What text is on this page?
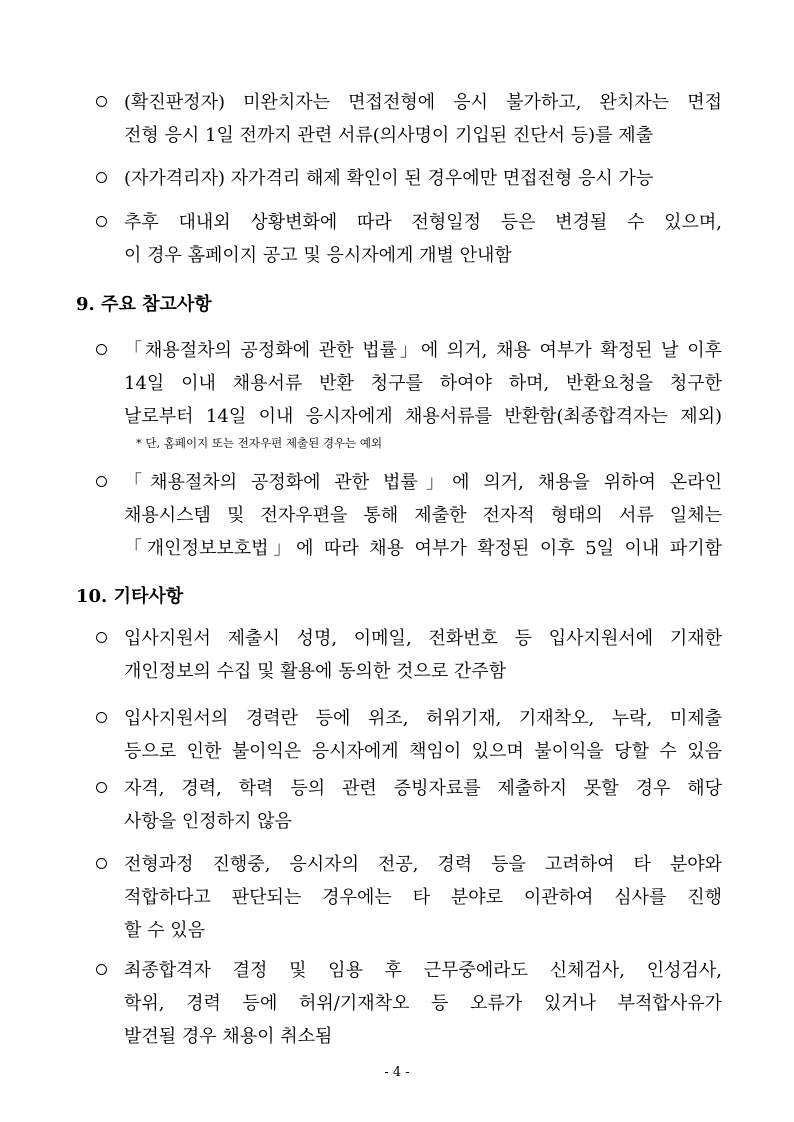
(확진판정자) 미완치자는 면접전형에 응시 불가하고, 완치자는 면접
전형 응시 1일 전까지 관련 서류(의사명이 기입된 진단서 등)를 제출
(자가격리자) 자가격리 해제 확인이 된 경우에만 면접전형 응시 가능
추후 대내외 상황변화에 따라 전형일정 등은 변경될 수 있으며,
이 경우 홈페이지 공고 및 응시자에게 개별 안내함
9. 주요 참고사항
「채용절차의 공정화에 관한 법률」에 의거, 채용 여부가 확정된 날 이후
14일 이내 채용서류 반환 청구를 하여야 하며, 반환요청을 청구한
날로부터 14일 이내 응시자에게 채용서류를 반환함(최종합격자는 제외)
* 단, 홈페이지 또는 전자우편 제출된 경우는 예외
「채용절차의 공정화에 관한 법률」에 의거, 채용을 위하여 온라인
채용시스템 및 전자우편을 통해 제출한 전자적 형태의 서류 일체는
「개인정보보호법」에 따라 채용 여부가 확정된 이후 5일 이내 파기함
10. 기타사항
입사지원서 제출시 성명, 이메일, 전화번호 등 입사지원서에 기재한
개인정보의 수집 및 활용에 동의한 것으로 간주함
입사지원서의 경력란 등에 위조, 허위기재, 기재착오, 누락, 미제출
등으로 인한 불이익은 응시자에게 책임이 있으며 불이익을 당할 수 있음
자격, 경력, 학력 등의 관련 증빙자료를 제출하지 못할 경우 해당
사항을 인정하지 않음
전형과정 진행중, 응시자의 전공, 경력 등을 고려하여 타 분야와
적합하다고 판단되는 경우에는 타 분야로 이관하여 심사를 진행
할 수 있음
최종합격자 결정 및 임용 후 근무중에라도 신체검사, 인성검사,
학위, 경력 등에 허위/기재착오 등 오류가 있거나 부적합사유가
발견될 경우 채용이 취소됨
- 4 -
